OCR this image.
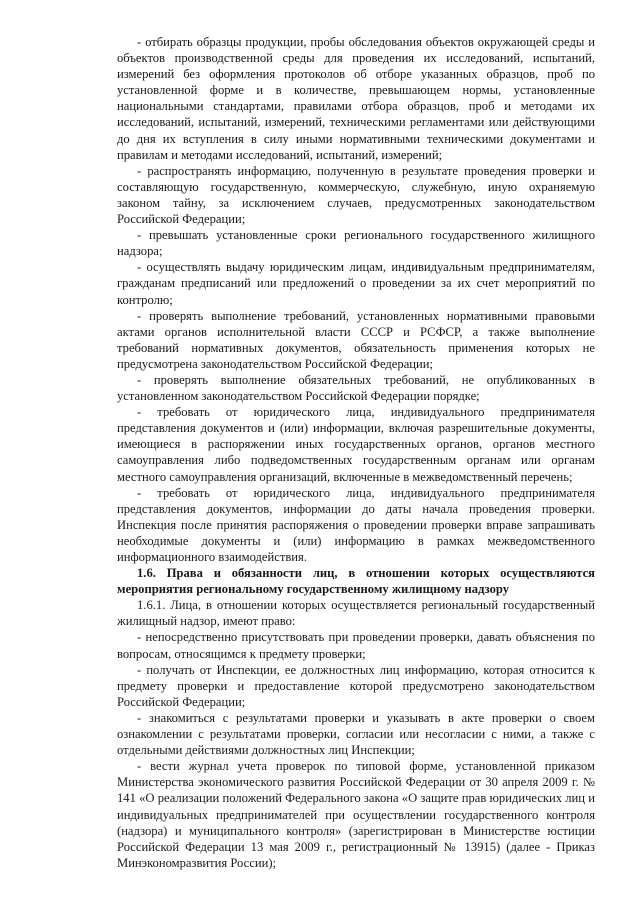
- отбирать образцы продукции, пробы обследования объектов окружающей среды и объектов производственной среды для проведения их исследований, испытаний, измерений без оформления протоколов об отборе указанных образцов, проб по установленной форме и в количестве, превышающем нормы, установленные национальными стандартами, правилами отбора образцов, проб и методами их исследований, испытаний, измерений, техническими регламентами или действующими до дня их вступления в силу иными нормативными техническими документами и правилам и методами исследований, испытаний, измерений;

- распространять информацию, полученную в результате проведения проверки и составляющую государственную, коммерческую, служебную, иную охраняемую законом тайну, за исключением случаев, предусмотренных законодательством Российской Федерации;

- превышать установленные сроки регионального государственного жилищного надзора;

- осуществлять выдачу юридическим лицам, индивидуальным предпринимателям, гражданам предписаний или предложений о проведении за их счет мероприятий по контролю;

- проверять выполнение требований, установленных нормативными правовыми актами органов исполнительной власти СССР и РСФСР, а также выполнение требований нормативных документов, обязательность применения которых не предусмотрена законодательством Российской Федерации;

- проверять выполнение обязательных требований, не опубликованных в установленном законодательством Российской Федерации порядке;

- требовать от юридического лица, индивидуального предпринимателя представления документов и (или) информации, включая разрешительные документы, имеющиеся в распоряжении иных государственных органов, органов местного самоуправления либо подведомственных государственным органам или органам местного самоуправления организаций, включенные в межведомственный перечень;

- требовать от юридического лица, индивидуального предпринимателя представления документов, информации до даты начала проведения проверки. Инспекция после принятия распоряжения о проведении проверки вправе запрашивать необходимые документы и (или) информацию в рамках межведомственного информационного взаимодействия.

1.6. Права и обязанности лиц, в отношении которых осуществляются мероприятия региональному государственному жилищному надзору

1.6.1. Лица, в отношении которых осуществляется региональный государственный жилищный надзор, имеют право:

- непосредственно присутствовать при проведении проверки, давать объяснения по вопросам, относящимся к предмету проверки;

- получать от Инспекции, ее должностных лиц информацию, которая относится к предмету проверки и предоставление которой предусмотрено законодательством Российской Федерации;

- знакомиться с результатами проверки и указывать в акте проверки о своем ознакомлении с результатами проверки, согласии или несогласии с ними, а также с отдельными действиями должностных лиц Инспекции;

- вести журнал учета проверок по типовой форме, установленной приказом Министерства экономического развития Российской Федерации от 30 апреля 2009 г. № 141 «О реализации положений Федерального закона «О защите прав юридических лиц и индивидуальных предпринимателей при осуществлении государственного контроля (надзора) и муниципального контроля» (зарегистрирован в Министерстве юстиции Российской Федерации 13 мая 2009 г., регистрационный № 13915) (далее - Приказ Минэкономразвития России);
